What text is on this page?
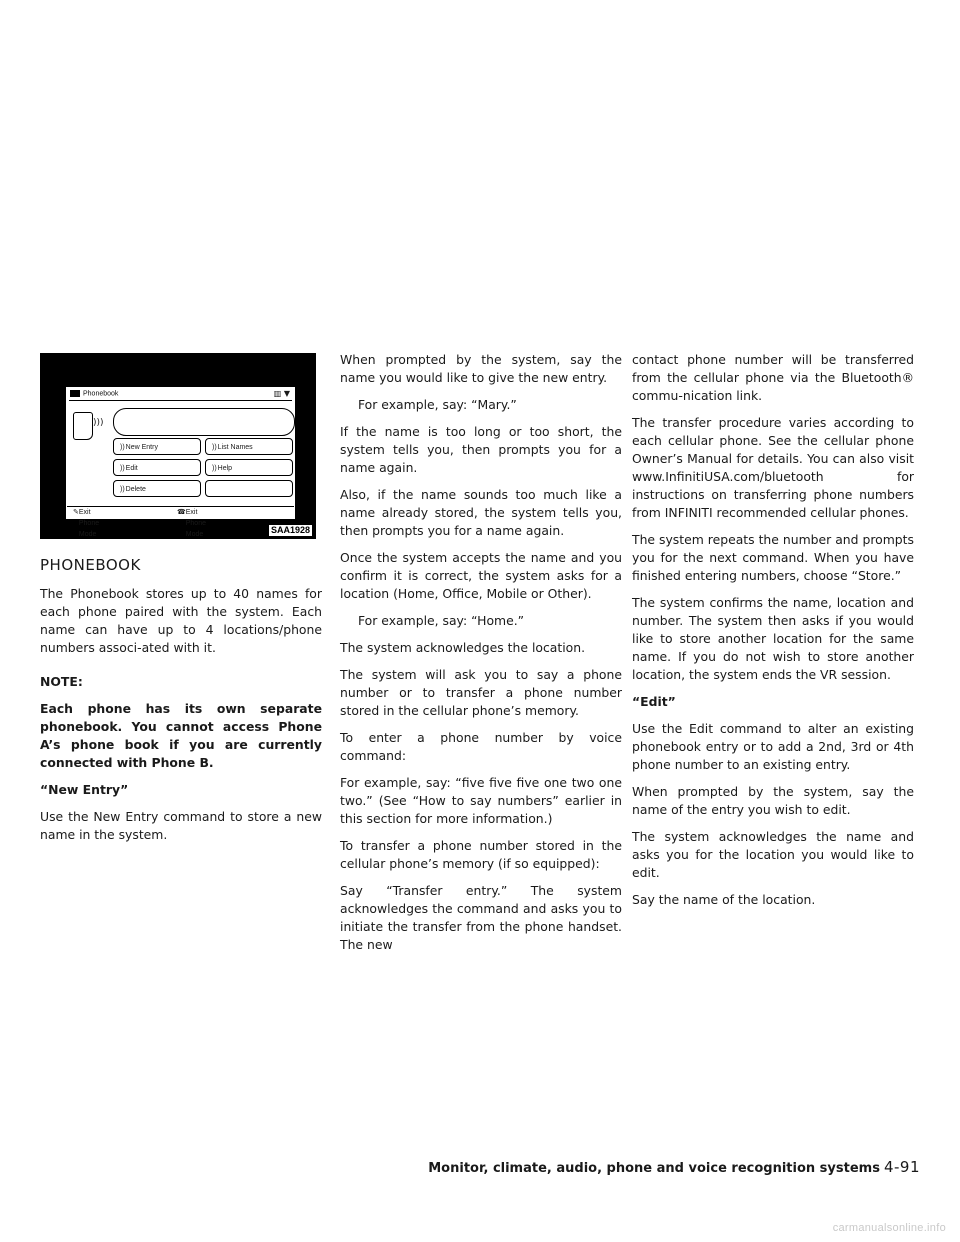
Phonebook	▥ ▼
)))
))New Entry	))List Names
))Edit	))Help
))Delete
✎ Exit Phone Mode
☎ Exit Phone Mode	SAA1928
PHONEBOOK

The Phonebook stores up to 40 names for each phone paired with the system. Each name can have up to 4 locations/phone numbers associ-ated with it.

NOTE:

Each phone has its own separate phonebook. You cannot access Phone A’s phone book if you are currently connected with Phone B.

“New Entry”

Use the New Entry command to store a new name in the system.

When prompted by the system, say the name you would like to give the new entry.

For example, say: “Mary.”

If the name is too long or too short, the system tells you, then prompts you for a name again.

Also, if the name sounds too much like a name already stored, the system tells you, then prompts you for a name again.

Once the system accepts the name and you confirm it is correct, the system asks for a location (Home, Office, Mobile or Other).

For example, say: “Home.”

The system acknowledges the location.

The system will ask you to say a phone number or to transfer a phone number stored in the cellular phone’s memory.

To enter a phone number by voice command:

For example, say: “five five five one two one two.” (See “How to say numbers” earlier in this section for more information.)

To transfer a phone number stored in the cellular phone’s memory (if so equipped):

Say “Transfer entry.” The system acknowledges the command and asks you to initiate the transfer from the phone handset. The new

contact phone number will be transferred from the cellular phone via the Bluetooth® commu-nication link.

The transfer procedure varies according to each cellular phone. See the cellular phone Owner’s Manual for details. You can also visit www.InfinitiUSA.com/bluetooth for instructions on transferring phone numbers from INFINITI recommended cellular phones.

The system repeats the number and prompts you for the next command. When you have finished entering numbers, choose “Store.”

The system confirms the name, location and number. The system then asks if you would like to store another location for the same name. If you do not wish to store another location, the system ends the VR session.

“Edit”

Use the Edit command to alter an existing phonebook entry or to add a 2nd, 3rd or 4th phone number to an existing entry.

When prompted by the system, say the name of the entry you wish to edit.

The system acknowledges the name and asks you for the location you would like to edit.

Say the name of the location.

Monitor, climate, audio, phone and voice recognition systems 4-91
carmanualsonline.info
